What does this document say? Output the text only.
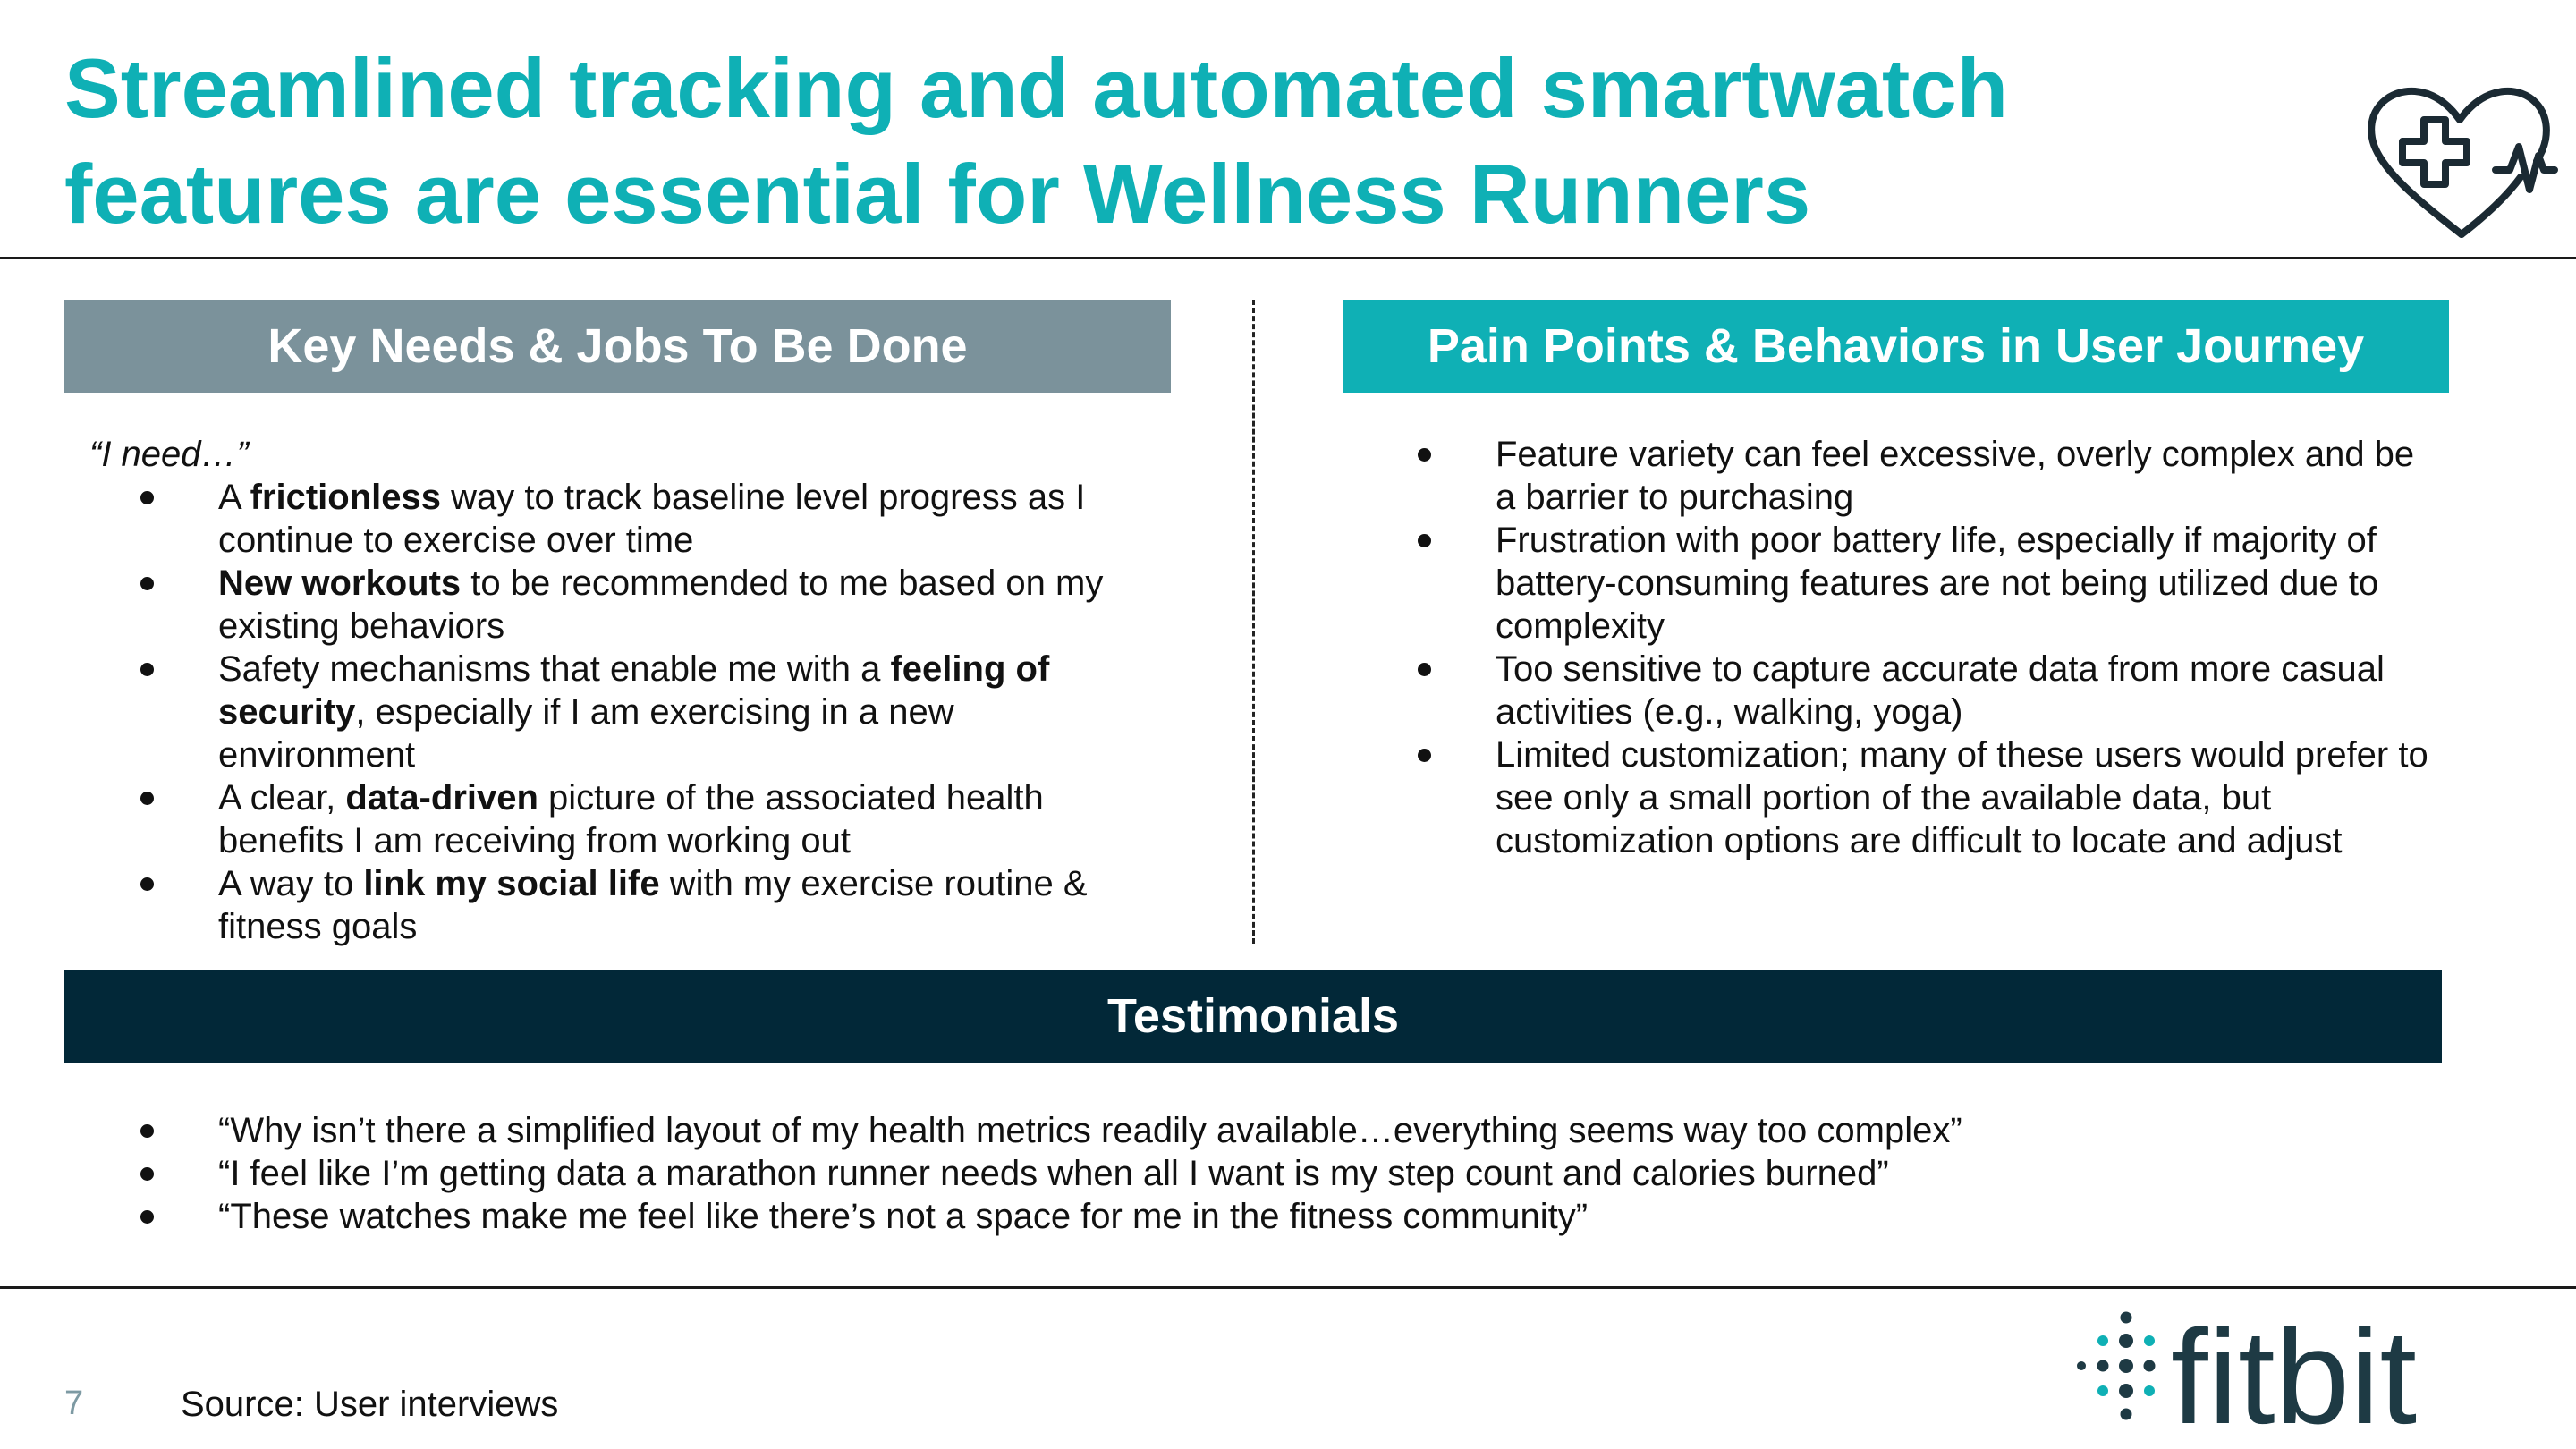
Streamlined tracking and automated smartwatch
features are essential for Wellness Runners
Key Needs & Jobs To Be Done	Pain Points & Behaviors in User Journey
“I need…”
A frictionless way to track baseline level progress as I continue to exercise over time
New workouts to be recommended to me based on my existing behaviors
Safety mechanisms that enable me with a feeling of security, especially if I am exercising in a new environment
A clear, data-driven picture of the associated health benefits I am receiving from working out
A way to link my social life with my exercise routine & fitness goals
Feature variety can feel excessive, overly complex and be a barrier to purchasing
Frustration with poor battery life, especially if majority of battery-consuming features are not being utilized due to complexity
Too sensitive to capture accurate data from more casual activities (e.g., walking, yoga)
Limited customization; many of these users would prefer to see only a small portion of the available data, but customization options are difficult to locate and adjust
Testimonials
“Why isn’t there a simplified layout of my health metrics readily available…everything seems way too complex”
“I feel like I’m getting data a marathon runner needs when all I want is my step count and calories burned”
“These watches make me feel like there’s not a space for me in the fitness community”
7	Source: User interviews	fitbit
